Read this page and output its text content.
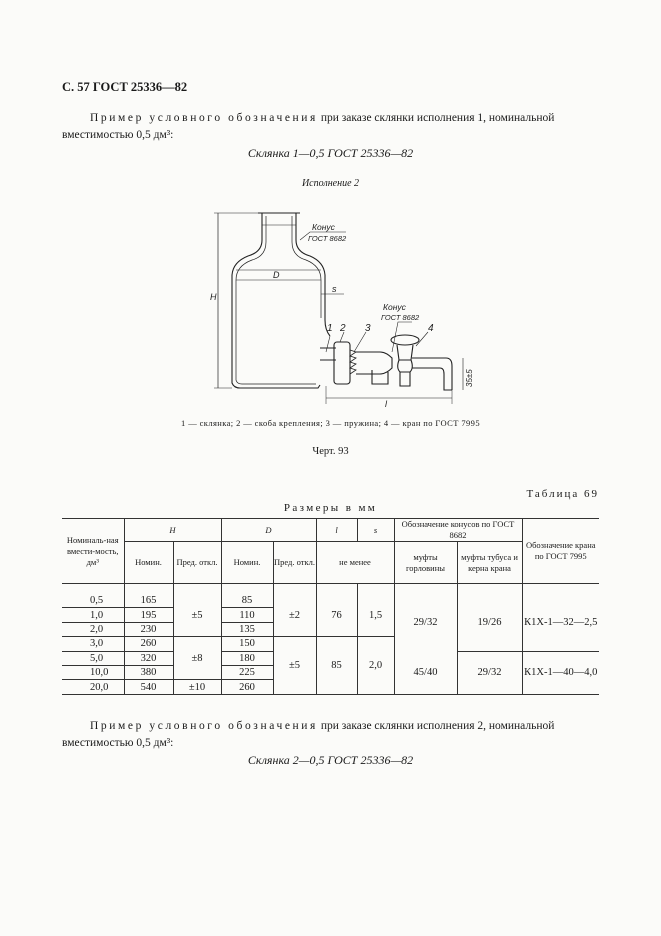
С. 57 ГОСТ 25336—82
Пример условного обозначения при заказе склянки исполнения 1, номинальной вместимостью 0,5 дм³:
Склянка 1—0,5 ГОСТ 25336—82
Исполнение 2
Конус
ГОСТ 8682
Конус
ГОСТ 8682
H
D
s
l
35±5
1 2 3	4
1 — склянка; 2 — скоба крепления; 3 — пружина; 4 — кран по ГОСТ 7995
Черт. 93
Таблица 69
Размеры в мм
Номиналь-ная вмести-мость, дм³	H		D		l	s	Обозначение конусов по ГОСТ 8682		Обозначение крана по ГОСТ 7995
	Номин.	Пред. откл.	Номин.	Пред. откл.	не менее		муфты горловины	муфты тубуса и керна крана	

0,5	165	±5	85	±2	76	1,5	29/32	19/26	К1Х-1—32—2,5
1,0	195		110						
2,0	230		135						
3,0	260	±8	150	±5	85	2,0			
5,0	320		180				45/40	29/32	К1Х-1—40—4,0
10,0	380		225						
20,0	540	±10	260						
Пример условного обозначения при заказе склянки исполнения 2, номинальной вместимостью 0,5 дм³:
Склянка 2—0,5 ГОСТ 25336—82
